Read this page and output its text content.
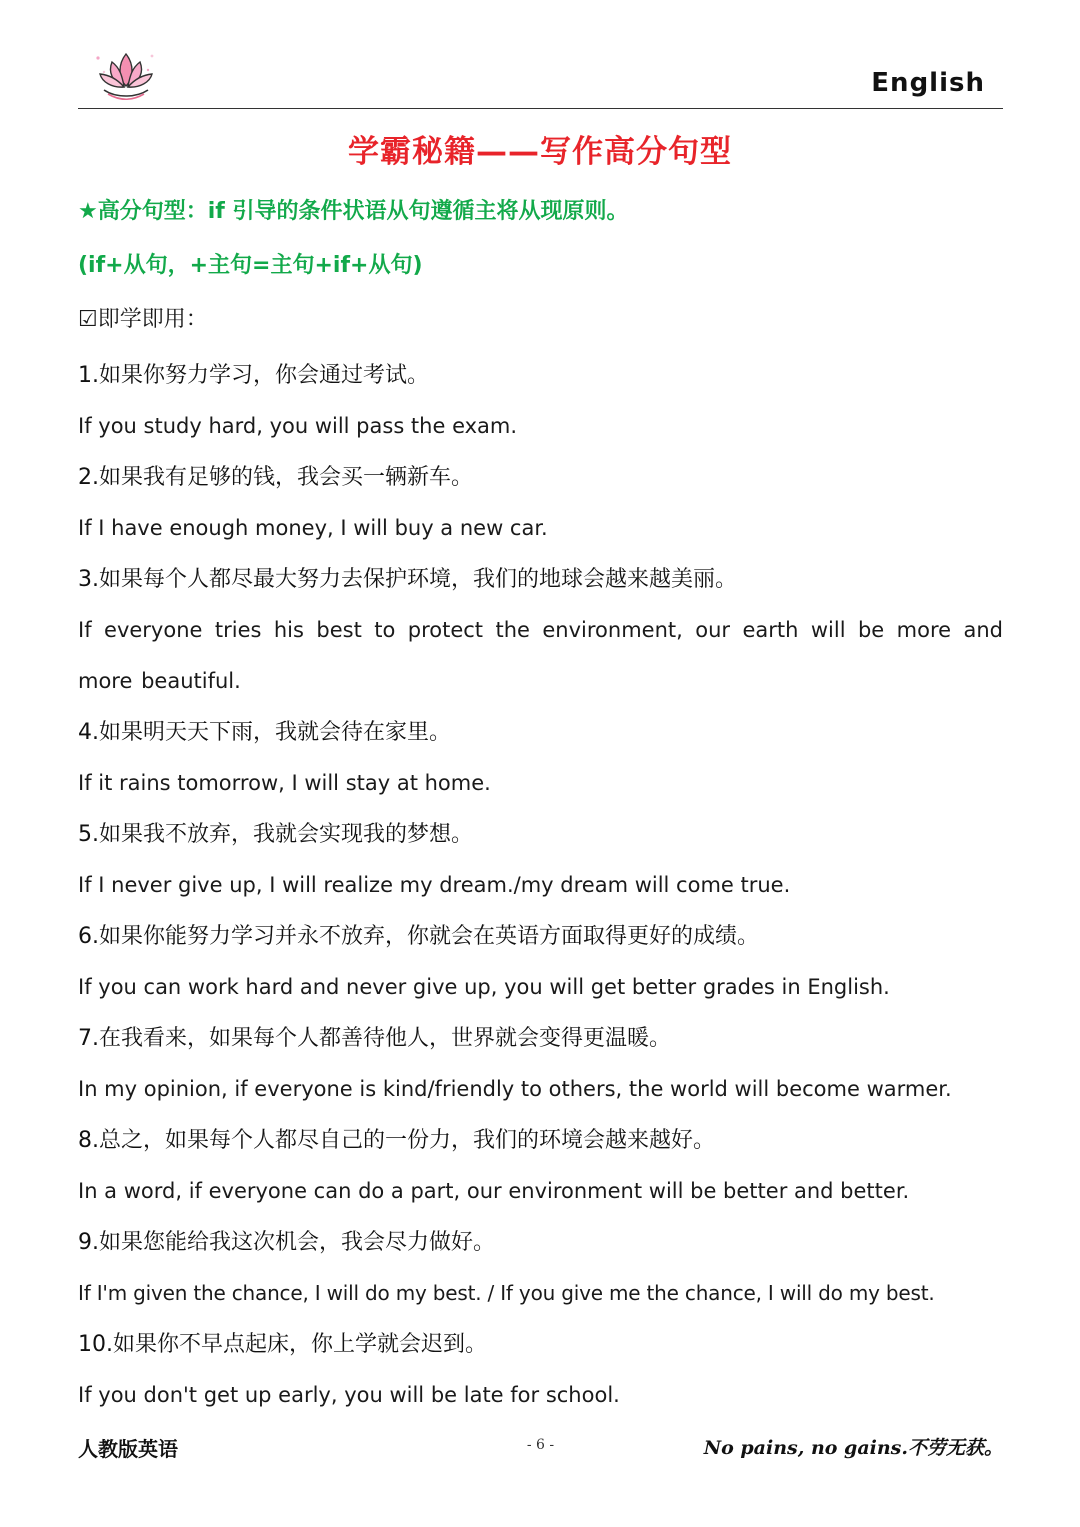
English
学霸秘籍——写作高分句型
★高分句型：if 引导的条件状语从句遵循主将从现原则。
(if+从句，+主句=主句+if+从句)
☑即学即用：
1.如果你努力学习，你会通过考试。
If you study hard, you will pass the exam.
2.如果我有足够的钱，我会买一辆新车。
If I have enough money, I will buy a new car.
3.如果每个人都尽最大努力去保护环境，我们的地球会越来越美丽。
If everyone tries his best to protect the environment, our earth will be more and more beautiful.
4.如果明天天下雨，我就会待在家里。
If it rains tomorrow, I will stay at home.
5.如果我不放弃，我就会实现我的梦想。
If I never give up, I will realize my dream./my dream will come true.
6.如果你能努力学习并永不放弃，你就会在英语方面取得更好的成绩。
If you can work hard and never give up, you will get better grades in English.
7.在我看来，如果每个人都善待他人，世界就会变得更温暖。
In my opinion, if everyone is kind/friendly to others, the world will become warmer.
8.总之，如果每个人都尽自己的一份力，我们的环境会越来越好。
In a word, if everyone can do a part, our environment will be better and better.
9.如果您能给我这次机会，我会尽力做好。
If I'm given the chance, I will do my best. / If you give me the chance, I will do my best.
10.如果你不早点起床，你上学就会迟到。
If you don't get up early, you will be late for school.
人教版英语	- 6 -	No pains, no gains.不劳无获。
